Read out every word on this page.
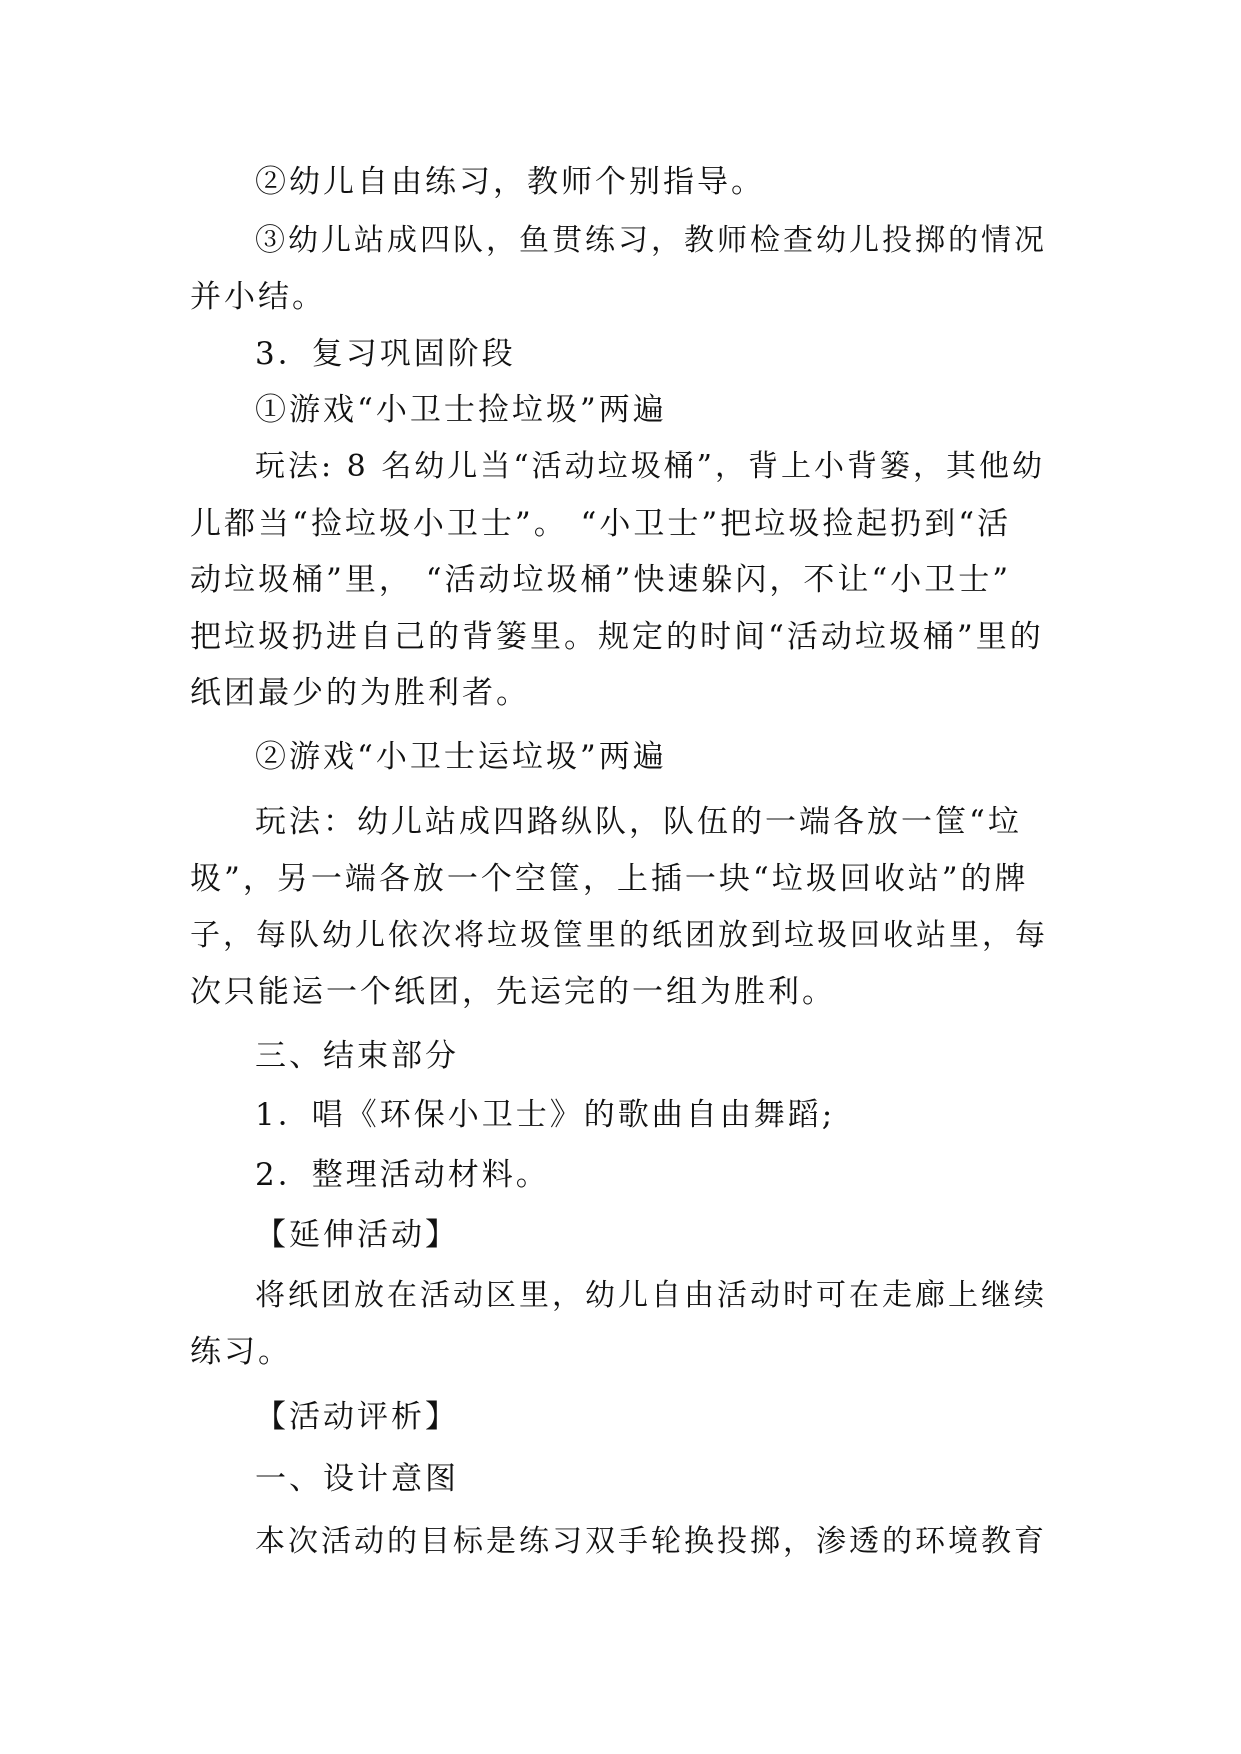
②幼儿自由练习，教师个别指导。
③幼儿站成四队，鱼贯练习，教师检查幼儿投掷的情况
并小结。
3．复习巩固阶段
①游戏“小卫士捡垃圾”两遍
玩法: 8 名幼儿当“活动垃圾桶”，背上小背篓，其他幼
儿都当“捡垃圾小卫士”。 “小卫士”把垃圾捡起扔到“活
动垃圾桶”里， “活动垃圾桶”快速躲闪，不让“小卫士”
把垃圾扔进自己的背篓里。规定的时间“活动垃圾桶”里的
纸团最少的为胜利者。
②游戏“小卫士运垃圾”两遍
玩法：幼儿站成四路纵队，队伍的一端各放一筐“垃
圾”，另一端各放一个空筐，上插一块“垃圾回收站”的牌
子，每队幼儿依次将垃圾筐里的纸团放到垃圾回收站里，每
次只能运一个纸团，先运完的一组为胜利。
三、结束部分
1．唱《环保小卫士》的歌曲自由舞蹈;
2．整理活动材料。
【延伸活动】
将纸团放在活动区里，幼儿自由活动时可在走廊上继续
练习。
【活动评析】
一、设计意图
本次活动的目标是练习双手轮换投掷，渗透的环境教育
